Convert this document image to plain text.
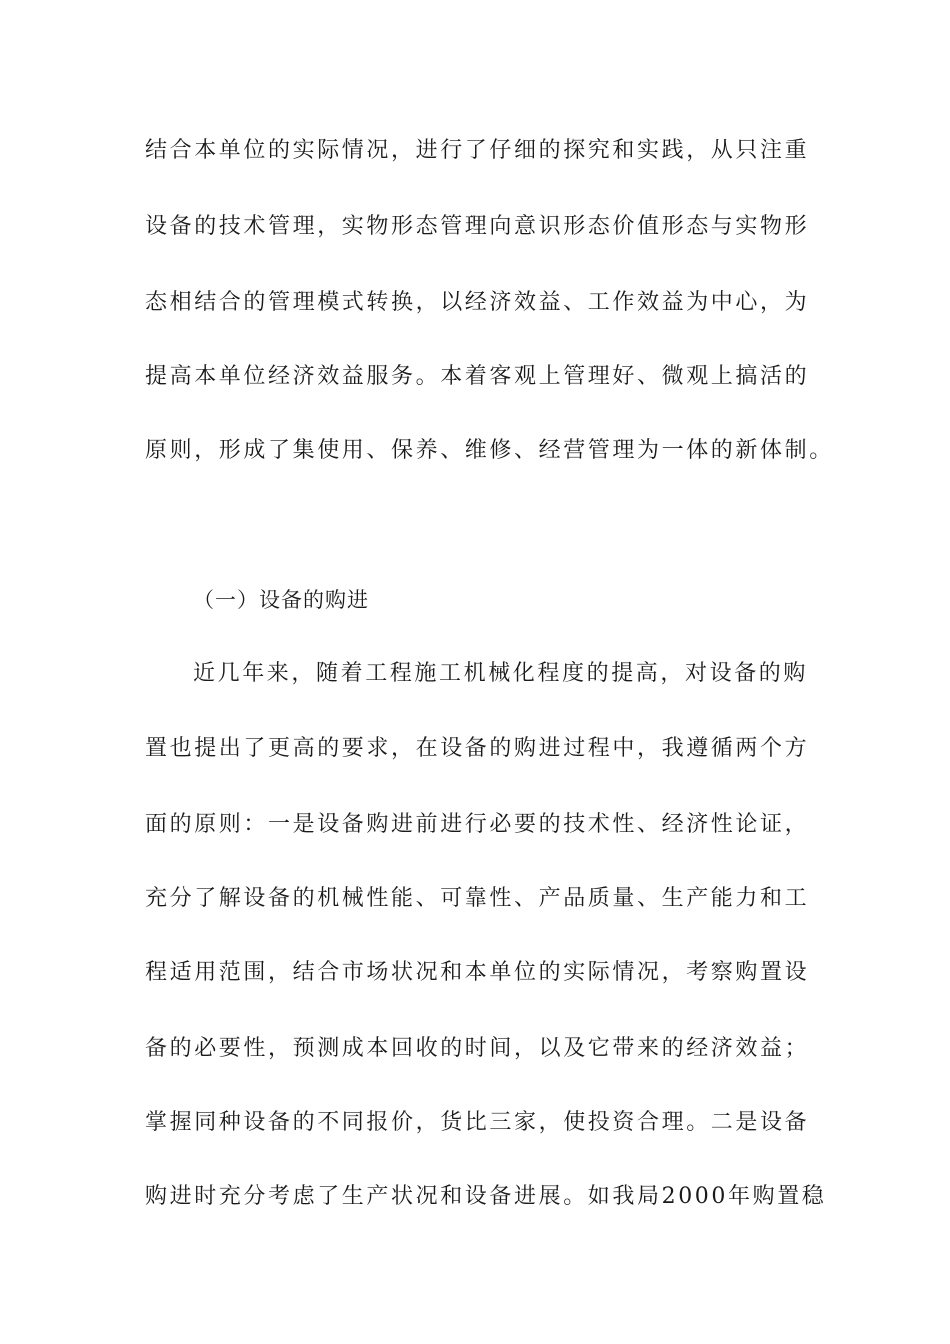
结合本单位的实际情况，进行了仔细的探究和实践，从只注重
设备的技术管理，实物形态管理向意识形态价值形态与实物形
态相结合的管理模式转换，以经济效益、工作效益为中心，为
提高本单位经济效益服务。本着客观上管理好、微观上搞活的
原则，形成了集使用、保养、维修、经营管理为一体的新体制。
（一）设备的购进
近几年来，随着工程施工机械化程度的提高，对设备的购
置也提出了更高的要求，在设备的购进过程中，我遵循两个方
面的原则：一是设备购进前进行必要的技术性、经济性论证，
充分了解设备的机械性能、可靠性、产品质量、生产能力和工
程适用范围，结合市场状况和本单位的实际情况，考察购置设
备的必要性，预测成本回收的时间，以及它带来的经济效益；
掌握同种设备的不同报价，货比三家，使投资合理。二是设备
购进时充分考虑了生产状况和设备进展。如我局2000年购置稳
